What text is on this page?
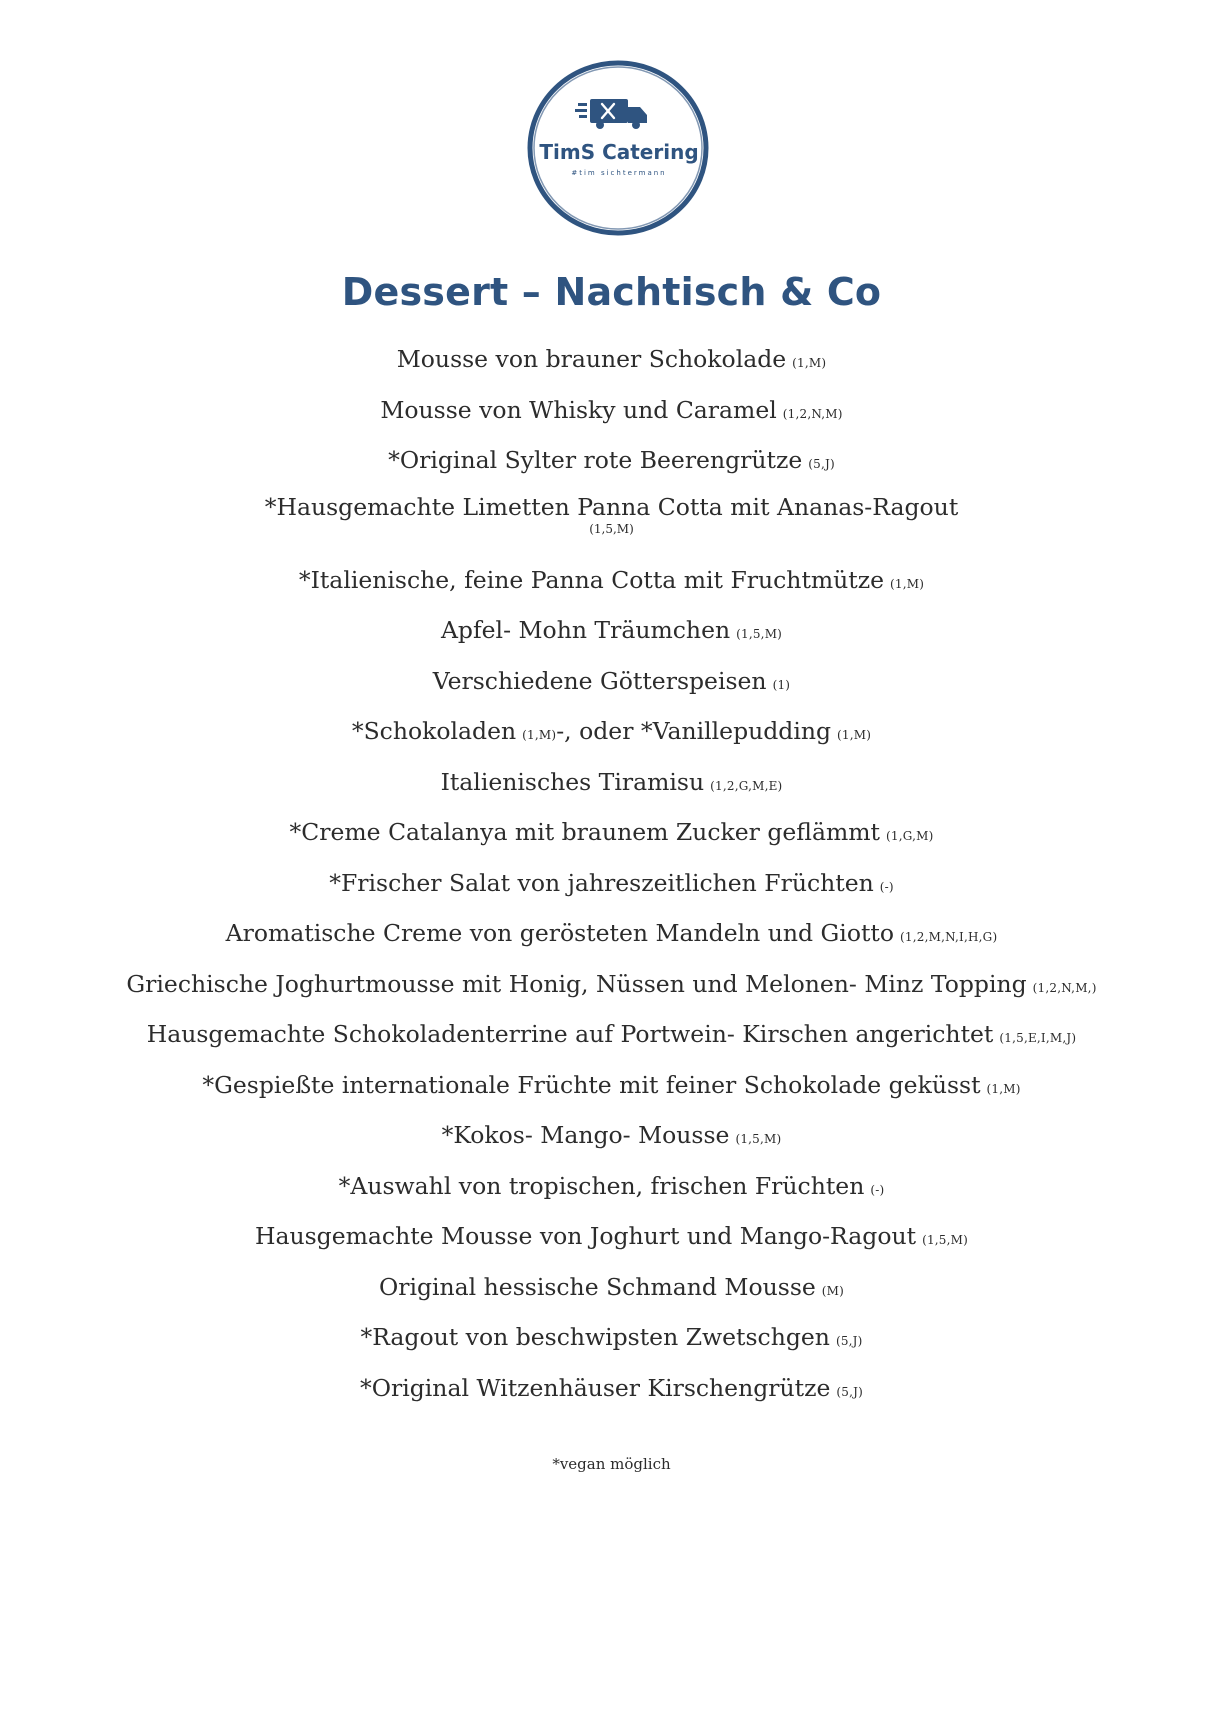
TimS Catering
#tim sichtermann
Dessert – Nachtisch & Co
Mousse von brauner Schokolade (1,M)
Mousse von Whisky und Caramel (1,2,N,M)
*Original Sylter rote Beerengrütze (5,J)
*Hausgemachte Limetten Panna Cotta mit Ananas-Ragout
(1,5,M)
*Italienische, feine Panna Cotta mit Fruchtmütze (1,M)
Apfel- Mohn Träumchen (1,5,M)
Verschiedene Götterspeisen (1)
*Schokoladen (1,M)-, oder *Vanillepudding (1,M)
Italienisches Tiramisu (1,2,G,M,E)
*Creme Catalanya mit braunem Zucker geflämmt (1,G,M)
*Frischer Salat von jahreszeitlichen Früchten (-)
Aromatische Creme von gerösteten Mandeln und Giotto (1,2,M,N,I,H,G)
Griechische Joghurtmousse mit Honig, Nüssen und Melonen- Minz Topping (1,2,N,M,)
Hausgemachte Schokoladenterrine auf Portwein- Kirschen angerichtet (1,5,E,I,M,J)
*Gespießte internationale Früchte mit feiner Schokolade geküsst (1,M)
*Kokos- Mango- Mousse (1,5,M)
*Auswahl von tropischen, frischen Früchten (-)
Hausgemachte Mousse von Joghurt und Mango-Ragout (1,5,M)
Original hessische Schmand Mousse (M)
*Ragout von beschwipsten Zwetschgen (5,J)
*Original Witzenhäuser Kirschengrütze (5,J)
*vegan möglich
